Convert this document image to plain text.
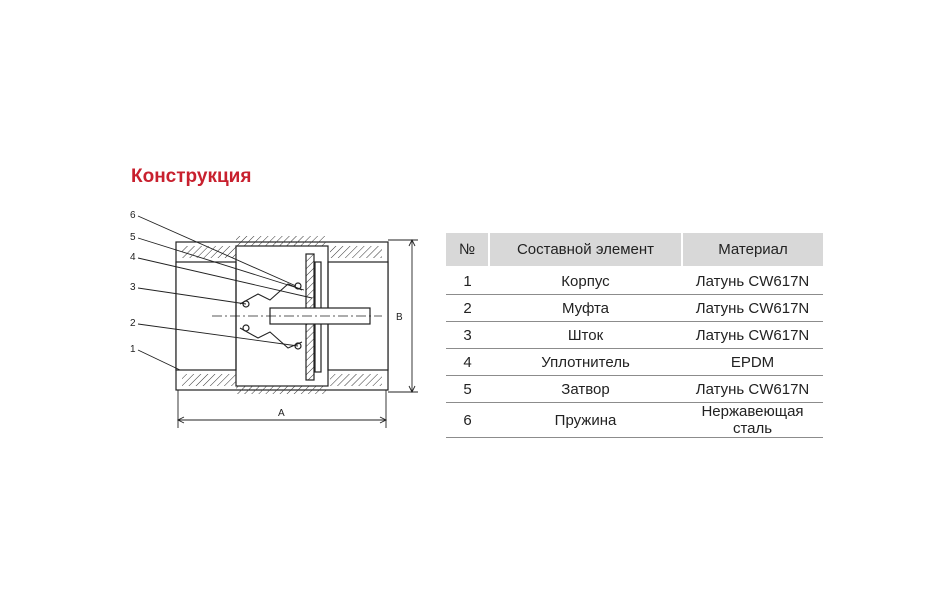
Конструкция
6
5
4
3
2
1
A
B
№	Составной элемент	Материал
1	Корпус	Латунь CW617N
2	Муфта	Латунь CW617N
3	Шток	Латунь CW617N
4	Уплотнитель	EPDM
5	Затвор	Латунь CW617N
6	Пружина	Нержавеющая сталь
